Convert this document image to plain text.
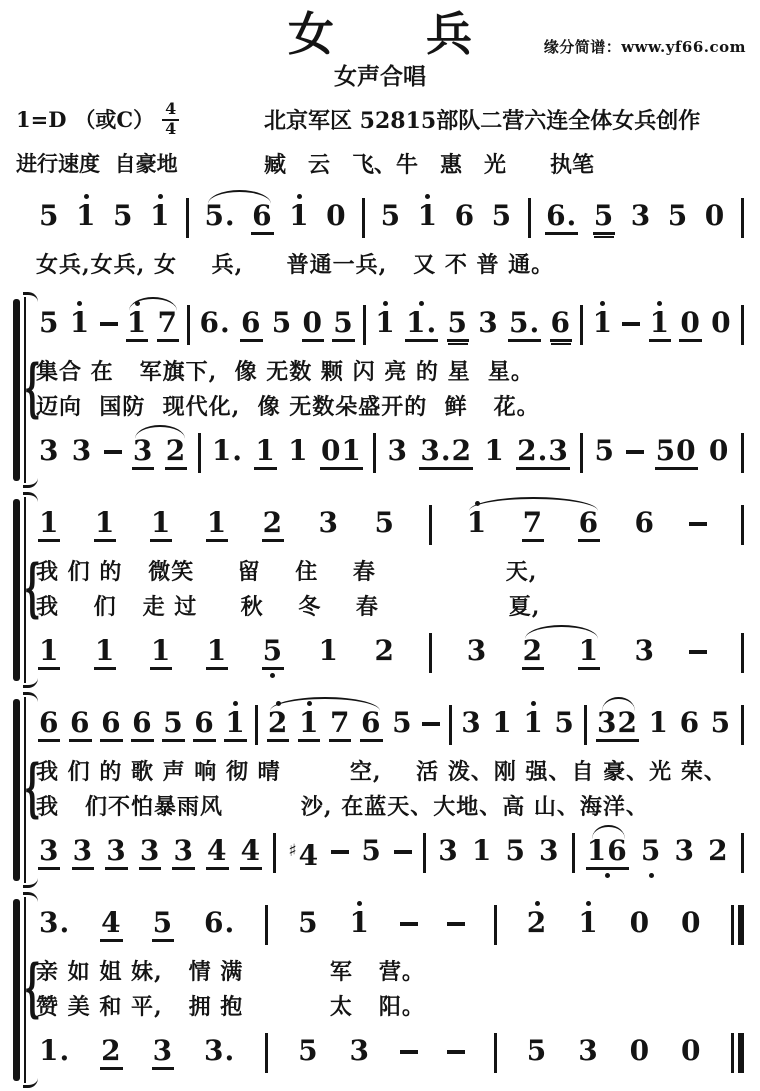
女　　兵	缘分简谱：www.yf66.com
女声合唱
1=D （或$C) \frac{4}{4}$	北京军区 52815部队二营六连全体女兵创作
进行速度  自豪地	臧　云　飞、牛　惠　光　　执笔
5 1 5 1 5. 6 1 0 5 1 6 5 6. 5 3 5 0
女兵,女兵, 女    兵,     普通一兵,   又 不 普 通。
{
5 1 1 7 6. 6 5 0 5 1 1. 5 3 5. 6 1 1 0 0
集合 在   军旗下,  像 无数 颗 闪 亮 的 星  星。
迈向  国防  现代化,  像 无数朵盛开的  鲜   花。
3 3 3 2 1. 1 1 01 3 3.2 1 2.3 5 50 0
{
1 1 1 1 2 3 5	1 7 6 6
我 们 的   微笑     留    住    春               天,
我    们   走 过     秋    冬    春               夏,
1 1 1 1 5 1 2	3 2 1 3
{
6 6 6 6 5 6 1 2 1 7 6 5 3 1 1 5 32 1 6 5
我 们 的 歌 声 响 彻 晴        空,    活 泼、刚 强、自 豪、光 荣、
我   们不怕暴雨风         沙, 在蓝天、大地、高 山、海洋、
3 3 3 3 3 4 4 ♯4 5 3 1 5 3 16 5 3 2
{
3. 4 5 6. 5 1	2 1 0 0
亲 如 姐 妹,   情 满          军   营。
赞 美 和 平,   拥 抱          太   阳。
1. 2 3 3. 5 3	5 3 0 0
